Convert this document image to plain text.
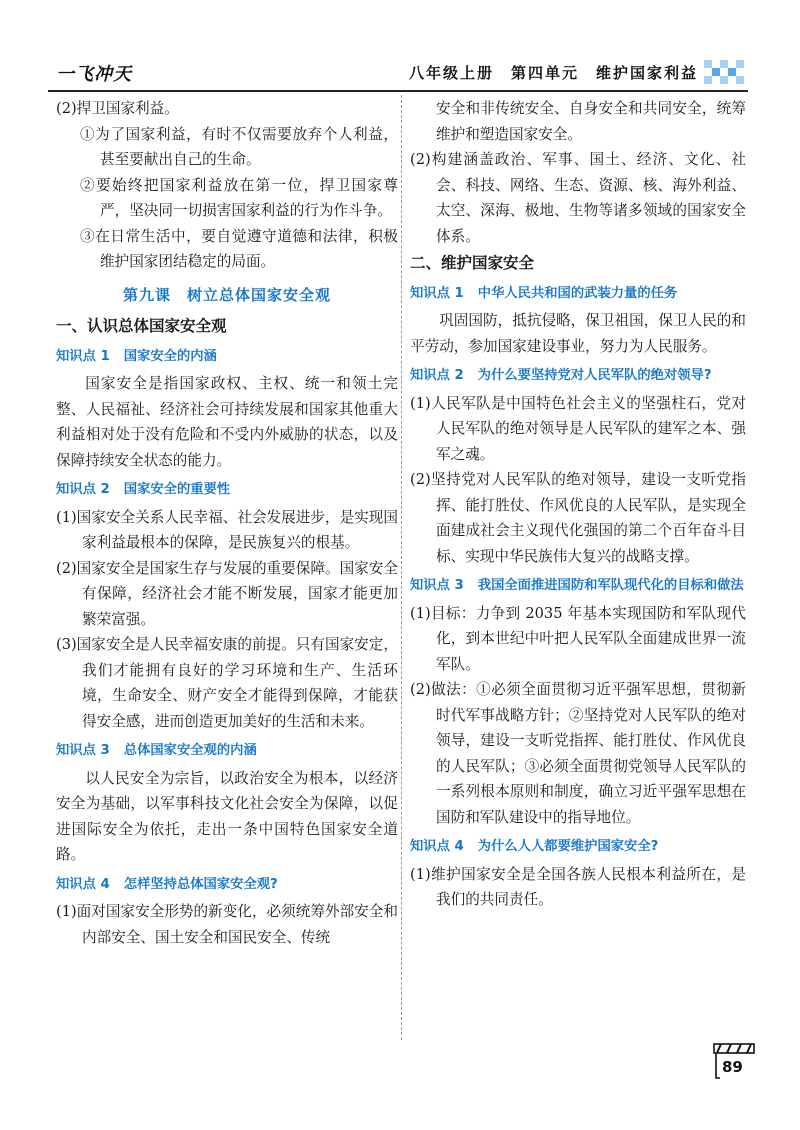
一飞冲天	八年级上册　第四单元　维护国家利益

(2)捍卫国家利益。

①为了国家利益，有时不仅需要放弃个人利益，甚至要献出自己的生命。

②要始终把国家利益放在第一位，捍卫国家尊严，坚决同一切损害国家利益的行为作斗争。

③在日常生活中，要自觉遵守道德和法律，积极维护国家团结稳定的局面。

第九课　树立总体国家安全观
一、认识总体国家安全观
知识点 1 国家安全的内涵

国家安全是指国家政权、主权、统一和领土完整、人民福祉、经济社会可持续发展和国家其他重大利益相对处于没有危险和不受内外威胁的状态，以及保障持续安全状态的能力。

知识点 2 国家安全的重要性

(1)国家安全关系人民幸福、社会发展进步，是实现国家利益最根本的保障，是民族复兴的根基。

(2)国家安全是国家生存与发展的重要保障。国家安全有保障，经济社会才能不断发展，国家才能更加繁荣富强。

(3)国家安全是人民幸福安康的前提。只有国家安定，我们才能拥有良好的学习环境和生产、生活环境，生命安全、财产安全才能得到保障，才能获得安全感，进而创造更加美好的生活和未来。

知识点 3 总体国家安全观的内涵

以人民安全为宗旨，以政治安全为根本，以经济安全为基础，以军事科技文化社会安全为保障，以促进国际安全为依托，走出一条中国特色国家安全道路。

知识点 4 怎样坚持总体国家安全观?

(1)面对国家安全形势的新变化，必须统筹外部安全和内部安全、国土安全和国民安全、传统

安全和非传统安全、自身安全和共同安全，统筹维护和塑造国家安全。

(2)构建涵盖政治、军事、国土、经济、文化、社会、科技、网络、生态、资源、核、海外利益、太空、深海、极地、生物等诸多领域的国家安全体系。

二、维护国家安全
知识点 1 中华人民共和国的武装力量的任务

巩固国防，抵抗侵略，保卫祖国，保卫人民的和平劳动，参加国家建设事业，努力为人民服务。

知识点 2 为什么要坚持党对人民军队的绝对领导?

(1)人民军队是中国特色社会主义的坚强柱石，党对人民军队的绝对领导是人民军队的建军之本、强军之魂。

(2)坚持党对人民军队的绝对领导，建设一支听党指挥、能打胜仗、作风优良的人民军队，是实现全面建成社会主义现代化强国的第二个百年奋斗目标、实现中华民族伟大复兴的战略支撑。

知识点 3 我国全面推进国防和军队现代化的目标和做法

(1)目标：力争到 2035 年基本实现国防和军队现代化，到本世纪中叶把人民军队全面建成世界一流军队。

(2)做法：①必须全面贯彻习近平强军思想，贯彻新时代军事战略方针；②坚持党对人民军队的绝对领导，建设一支听党指挥、能打胜仗、作风优良的人民军队；③必须全面贯彻党领导人民军队的一系列根本原则和制度，确立习近平强军思想在国防和军队建设中的指导地位。

知识点 4 为什么人人都要维护国家安全?

(1)维护国家安全是全国各族人民根本利益所在，是我们的共同责任。

89
